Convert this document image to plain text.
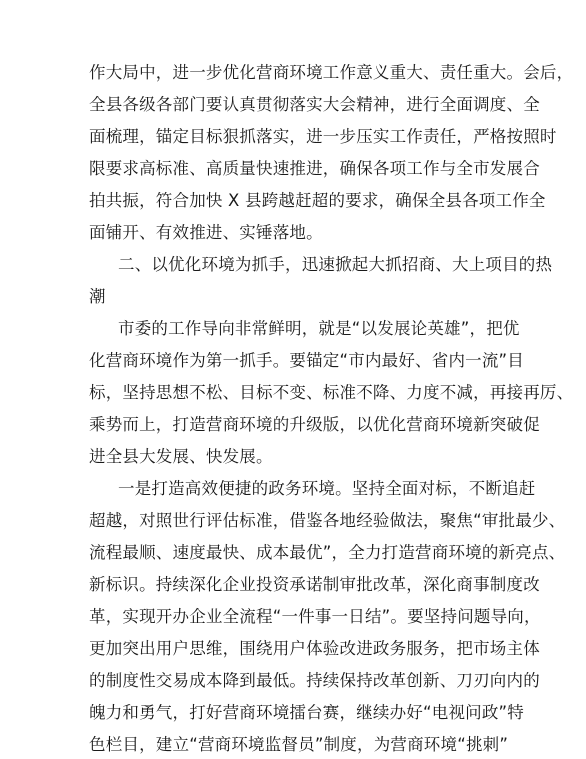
作大局中，进一步优化营商环境工作意义重大、责任重大。会后，
全县各级各部门要认真贯彻落实大会精神，进行全面调度、全
面梳理，锚定目标狠抓落实，进一步压实工作责任，严格按照时
限要求高标准、高质量快速推进，确保各项工作与全市发展合
拍共振，符合加快 X 县跨越赶超的要求，确保全县各项工作全
面铺开、有效推进、实锤落地。
二、以优化环境为抓手，迅速掀起大抓招商、大上项目的热
潮
市委的工作导向非常鲜明，就是“以发展论英雄”，把优
化营商环境作为第一抓手。要锚定“市内最好、省内一流”目
标，坚持思想不松、目标不变、标准不降、力度不减，再接再厉、
乘势而上，打造营商环境的升级版，以优化营商环境新突破促
进全县大发展、快发展。
一是打造高效便捷的政务环境。坚持全面对标，不断追赶
超越，对照世行评估标准，借鉴各地经验做法，聚焦“审批最少、
流程最顺、速度最快、成本最优”，全力打造营商环境的新亮点、
新标识。持续深化企业投资承诺制审批改革，深化商事制度改
革，实现开办企业全流程“一件事一日结”。要坚持问题导向，
更加突出用户思维，围绕用户体验改进政务服务，把市场主体
的制度性交易成本降到最低。持续保持改革创新、刀刃向内的
魄力和勇气，打好营商环境擂台赛，继续办好“电视问政”特
色栏目，建立“营商环境监督员”制度，为营商环境“挑刺”
